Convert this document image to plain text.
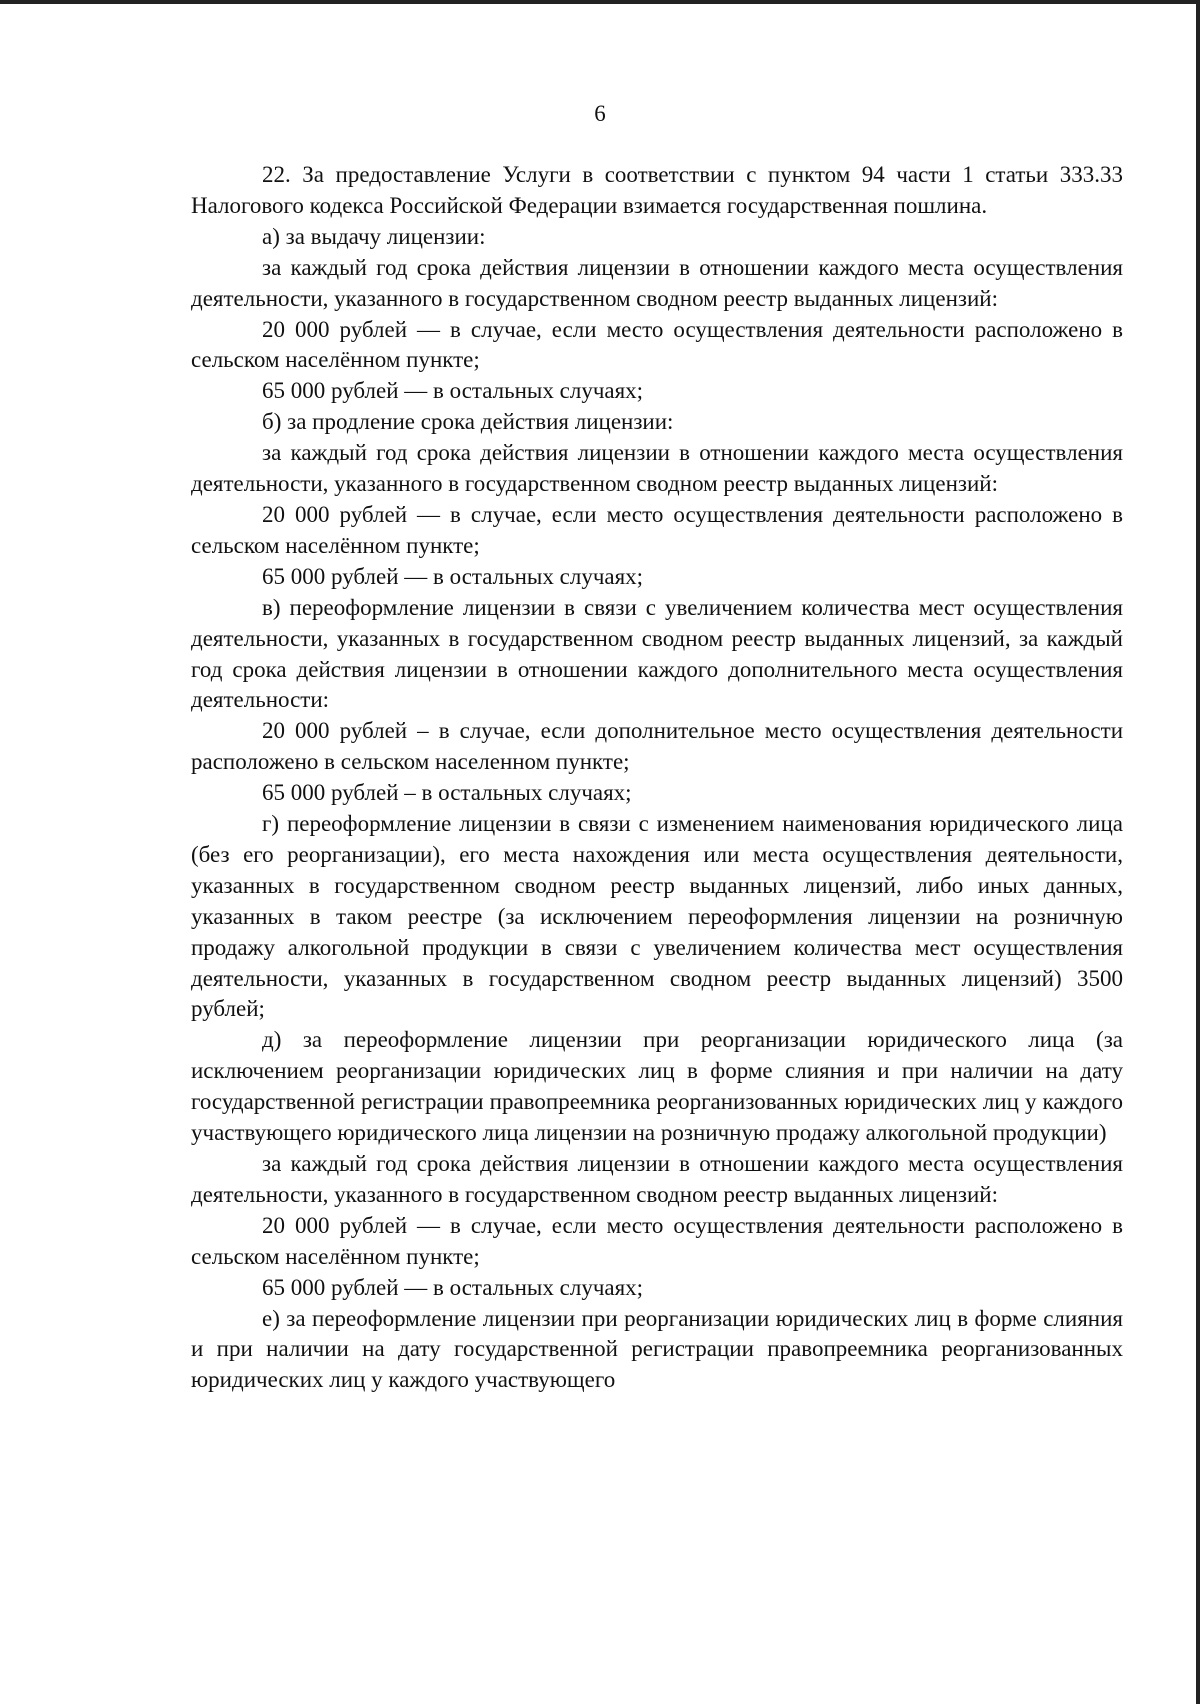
6

22. За предоставление Услуги в соответствии с пунктом 94 части 1 статьи 333.33 Налогового кодекса Российской Федерации взимается государственная пошлина.

а) за выдачу лицензии:

за каждый год срока действия лицензии в отношении каждого места осуществления деятельности, указанного в государственном сводном реестр выданных лицензий:

20 000 рублей — в случае, если место осуществления деятельности расположено в сельском населённом пункте;

65 000 рублей — в остальных случаях;

б) за продление срока действия лицензии:

за каждый год срока действия лицензии в отношении каждого места осуществления деятельности, указанного в государственном сводном реестр выданных лицензий:

20 000 рублей — в случае, если место осуществления деятельности расположено в сельском населённом пункте;

65 000 рублей — в остальных случаях;

в) переоформление лицензии в связи с увеличением количества мест осуществления деятельности, указанных в государственном сводном реестр выданных лицензий, за каждый год срока действия лицензии в отношении каждого дополнительного места осуществления деятельности:

20 000 рублей – в случае, если дополнительное место осуществления деятельности расположено в сельском населенном пункте;

65 000 рублей – в остальных случаях;

г) переоформление лицензии в связи с изменением наименования юридического лица (без его реорганизации), его места нахождения или места осуществления деятельности, указанных в государственном сводном реестр выданных лицензий, либо иных данных, указанных в таком реестре (за исключением переоформления лицензии на розничную продажу алкогольной продукции в связи с увеличением количества мест осуществления деятельности, указанных в государственном сводном реестр выданных лицензий) 3500 рублей;

д) за переоформление лицензии при реорганизации юридического лица (за исключением реорганизации юридических лиц в форме слияния и при наличии на дату государственной регистрации правопреемника реорганизованных юридических лиц у каждого участвующего юридического лица лицензии на розничную продажу алкогольной продукции)

за каждый год срока действия лицензии в отношении каждого места осуществления деятельности, указанного в государственном сводном реестр выданных лицензий:

20 000 рублей — в случае, если место осуществления деятельности расположено в сельском населённом пункте;

65 000 рублей — в остальных случаях;

е) за переоформление лицензии при реорганизации юридических лиц в форме слияния и при наличии на дату государственной регистрации правопреемника реорганизованных юридических лиц у каждого участвующего
